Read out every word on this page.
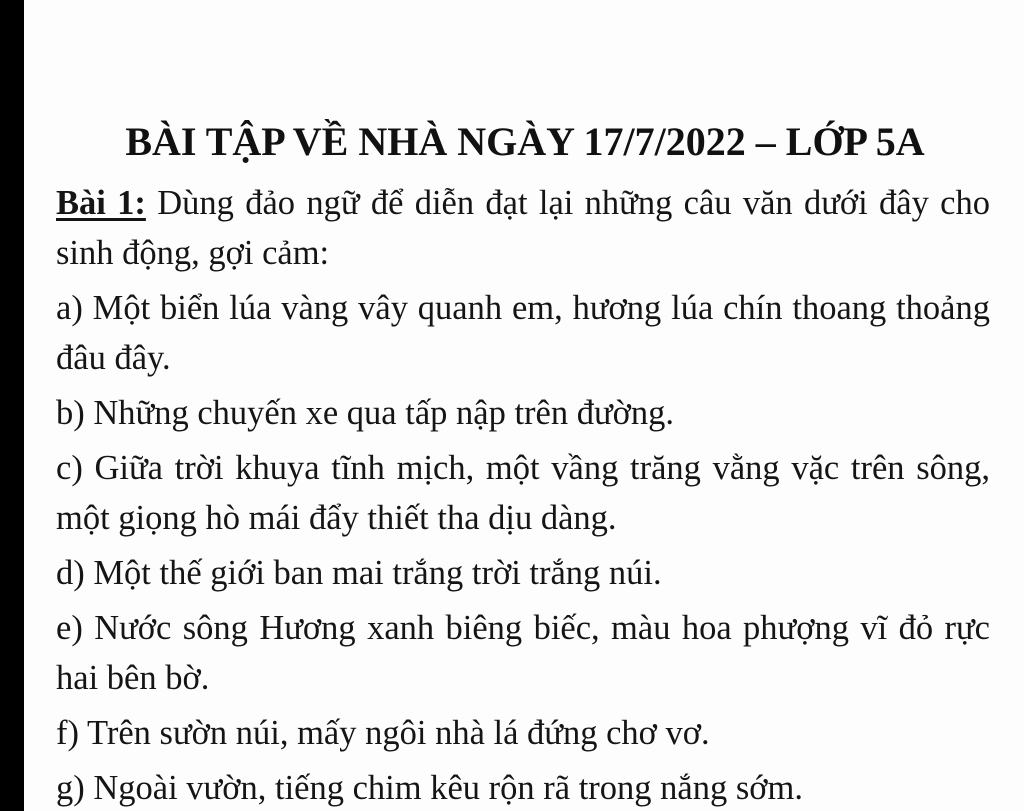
BÀI TẬP VỀ NHÀ NGÀY 17/7/2022 – LỚP 5A

Bài 1: Dùng đảo ngữ để diễn đạt lại những câu văn dưới đây cho sinh động, gợi cảm:

a) Một biển lúa vàng vây quanh em, hương lúa chín thoang thoảng đâu đây.

b) Những chuyến xe qua tấp nập trên đường.

c) Giữa trời khuya tĩnh mịch, một vầng trăng vằng vặc trên sông, một giọng hò mái đẩy thiết tha dịu dàng.

d) Một thế giới ban mai trắng trời trắng núi.

e) Nước sông Hương xanh biêng biếc, màu hoa phượng vĩ đỏ rực hai bên bờ.

f) Trên sườn núi, mấy ngôi nhà lá đứng chơ vơ.

g) Ngoài vườn, tiếng chim kêu rộn rã trong nắng sớm.
